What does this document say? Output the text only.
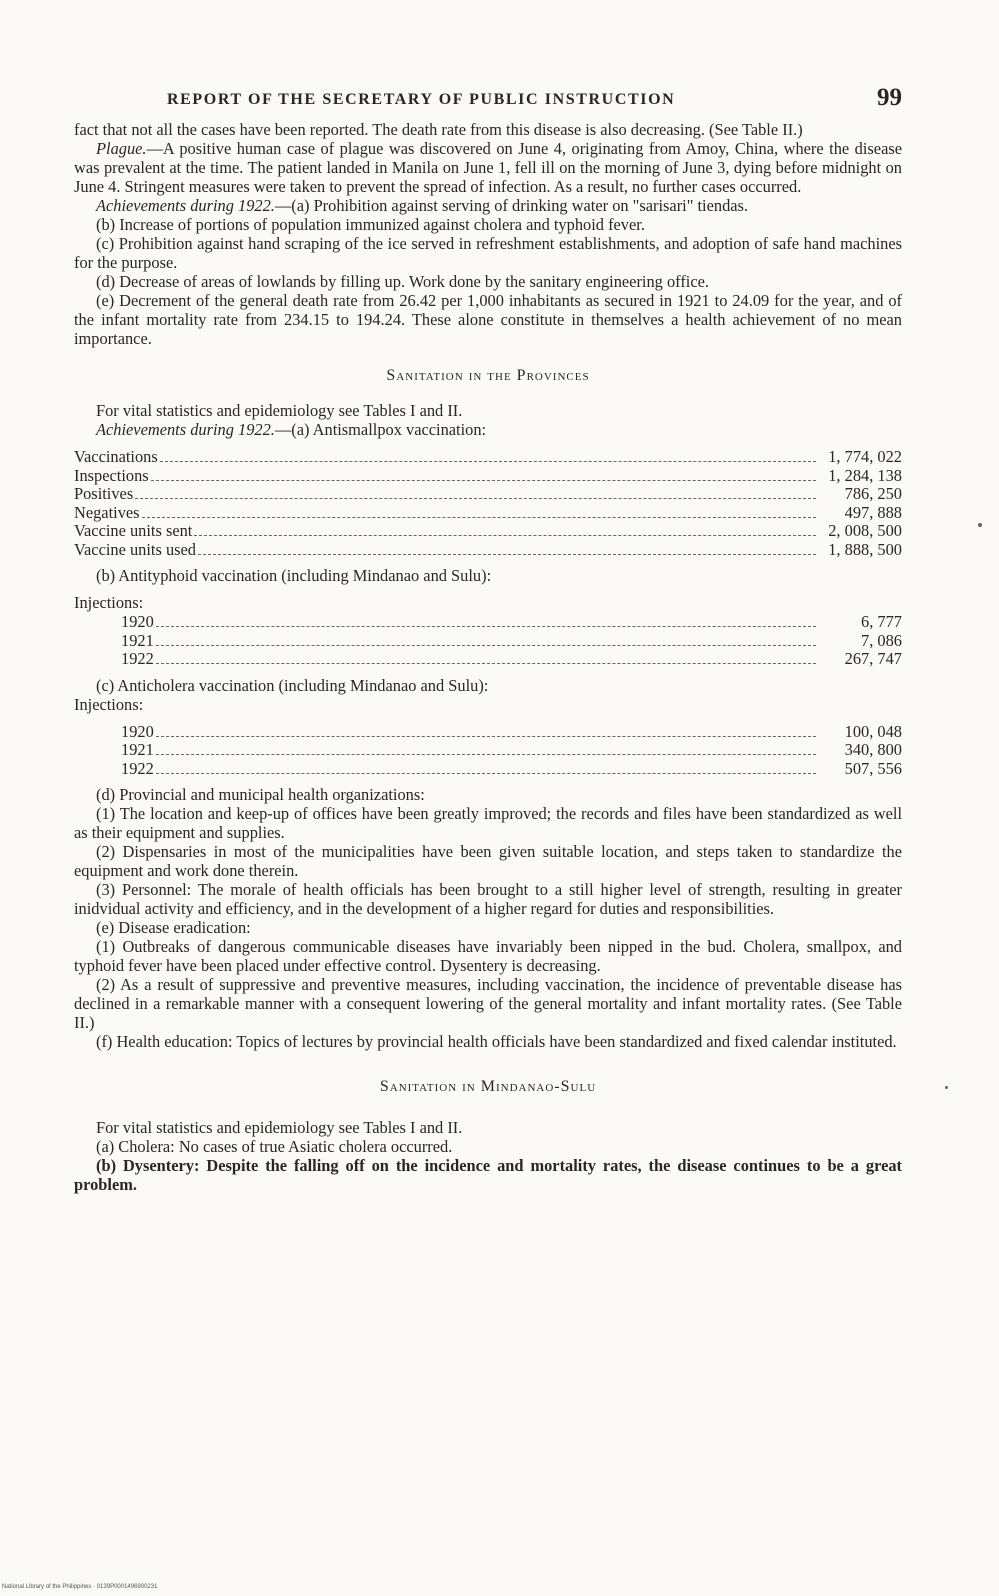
REPORT OF THE SECRETARY OF PUBLIC INSTRUCTION	99

fact that not all the cases have been reported. The death rate from this disease is also decreasing. (See Table II.)

Plague.—A positive human case of plague was discovered on June 4, originating from Amoy, China, where the disease was prevalent at the time. The patient landed in Manila on June 1, fell ill on the morning of June 3, dying before midnight on June 4. Stringent measures were taken to prevent the spread of infection. As a result, no further cases occurred.

Achievements during 1922.—(a) Prohibition against serving of drinking water on "sarisari" tiendas.

(b) Increase of portions of population immunized against cholera and typhoid fever.

(c) Prohibition against hand scraping of the ice served in refreshment establishments, and adoption of safe hand machines for the purpose.

(d) Decrease of areas of lowlands by filling up. Work done by the sanitary engineering office.

(e) Decrement of the general death rate from 26.42 per 1,000 inhabitants as secured in 1921 to 24.09 for the year, and of the infant mortality rate from 234.15 to 194.24. These alone constitute in themselves a health achievement of no mean importance.

Sanitation in the Provinces

For vital statistics and epidemiology see Tables I and II.

Achievements during 1922.—(a) Antismallpox vaccination:

Vaccinations	1, 774, 022
Inspections	1, 284, 138
Positives	786, 250
Negatives	497, 888
Vaccine units sent	2, 008, 500
Vaccine units used	1, 888, 500

(b) Antityphoid vaccination (including Mindanao and Sulu):

Injections:

1920	6, 777
1921	7, 086
1922	267, 747

(c) Anticholera vaccination (including Mindanao and Sulu):

Injections:

1920	100, 048
1921	340, 800
1922	507, 556

(d) Provincial and municipal health organizations:

(1) The location and keep-up of offices have been greatly improved; the records and files have been standardized as well as their equipment and supplies.

(2) Dispensaries in most of the municipalities have been given suitable location, and steps taken to standardize the equipment and work done therein.

(3) Personnel: The morale of health officials has been brought to a still higher level of strength, resulting in greater inidvidual activity and efficiency, and in the development of a higher regard for duties and responsibilities.

(e) Disease eradication:

(1) Outbreaks of dangerous communicable diseases have invariably been nipped in the bud. Cholera, smallpox, and typhoid fever have been placed under effective control. Dysentery is decreasing.

(2) As a result of suppressive and preventive measures, including vaccination, the incidence of preventable disease has declined in a remarkable manner with a consequent lowering of the general mortality and infant mortality rates. (See Table II.)

(f) Health education: Topics of lectures by provincial health officials have been standardized and fixed calendar instituted.

Sanitation in Mindanao-Sulu

For vital statistics and epidemiology see Tables I and II.

(a) Cholera: No cases of true Asiatic cholera occurred.

(b) Dysentery: Despite the falling off on the incidence and mortality rates, the disease continues to be a great problem.

National Library of the Philippines · 0139P0001496900231
